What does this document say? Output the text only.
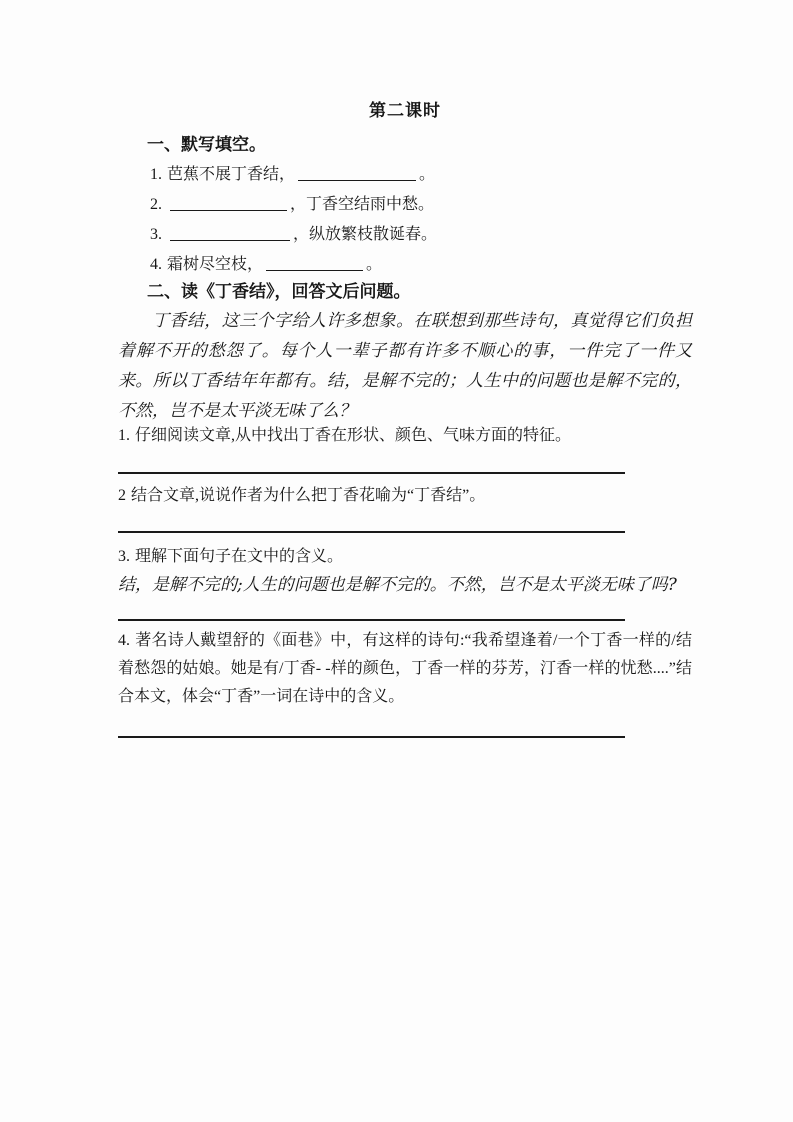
第二课时
一、默写填空。
1. 芭蕉不展丁香结，	。
2.	，丁香空结雨中愁。
3.	，纵放繁枝散诞春。
4. 霜树尽空枝，	。
二、读《丁香结》，回答文后问题。
丁香结，这三个字给人许多想象。在联想到那些诗句，真觉得它们负担着解不开的愁怨了。每个人一辈子都有许多不顺心的事，一件完了一件又来。所以丁香结年年都有。结，是解不完的；人生中的问题也是解不完的，不然，岂不是太平淡无味了么？
1. 仔细阅读文章,从中找出丁香在形状、颜色、气味方面的特征。
2 结合文章,说说作者为什么把丁香花喻为“丁香结”。
3. 理解下面句子在文中的含义。
结，是解不完的;人生的问题也是解不完的。不然，岂不是太平淡无味了吗?
4. 著名诗人戴望舒的《面巷》中，有这样的诗句:“我希望逢着/一个丁香一样的/结着愁怨的姑娘。她是有/丁香- -样的颜色，丁香一样的芬芳，汀香一样的忧愁....”结合本文，体会“丁香”一词在诗中的含义。
